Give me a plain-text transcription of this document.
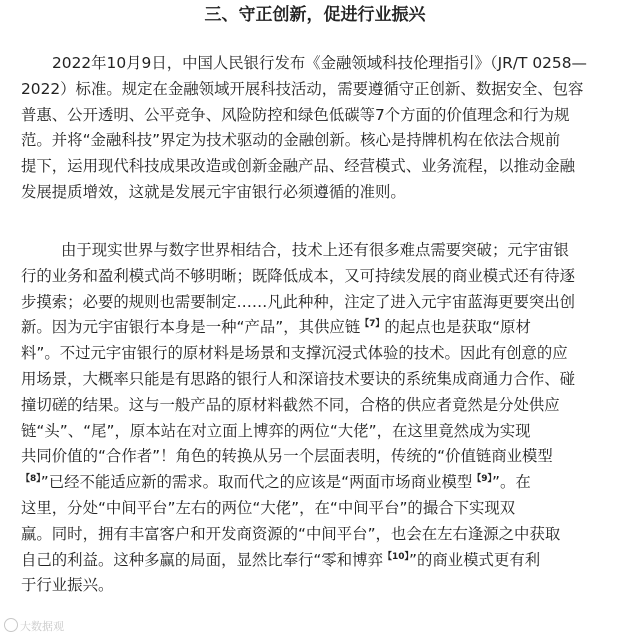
三、守正创新，促进行业振兴

2022年10月9日，中国人民银行发布《金融领域科技伦理指引》（JR/T 0258—
2022）标准。规定在金融领域开展科技活动，需要遵循守正创新、数据安全、包容
普惠、公开透明、公平竞争、风险防控和绿色低碳等7个方面的价值理念和行为规
范。并将“金融科技”界定为技术驱动的金融创新。核心是持牌机构在依法合规前
提下，运用现代科技成果改造或创新金融产品、经营模式、业务流程，以推动金融
发展提质增效，这就是发展元宇宙银行必须遵循的准则。

由于现实世界与数字世界相结合，技术上还有很多难点需要突破；元宇宙银
行的业务和盈利模式尚不够明晰；既降低成本，又可持续发展的商业模式还有待逐
步摸索；必要的规则也需要制定……凡此种种，注定了进入元宇宙蓝海更要突出创
新。因为元宇宙银行本身是一种“产品”，其供应链$^{【7】}$的起点也是获取“原材
料”。不过元宇宙银行的原材料是场景和支撑沉浸式体验的技术。因此有创意的应
用场景，大概率只能是有思路的银行人和深谙技术要诀的系统集成商通力合作、碰
撞切磋的结果。这与一般产品的原材料截然不同，合格的供应者竟然是分处供应
链“头”、“尾”，原本站在对立面上博弈的两位“大佬”，在这里竟然成为实现
共同价值的“合作者”！角色的转换从另一个层面表明，传统的“价值链商业模型
$^{【8】}$”已经不能适应新的需求。取而代之的应该是“两面市场商业模型$^{【9】}$”。在
这里，分处“中间平台”左右的两位“大佬”，在“中间平台”的撮合下实现双
赢。同时，拥有丰富客户和开发商资源的“中间平台”，也会在左右逢源之中获取
自己的利益。这种多赢的局面，显然比奉行“零和博弈$^{【10】}$”的商业模式更有利
于行业振兴。

大数据观
